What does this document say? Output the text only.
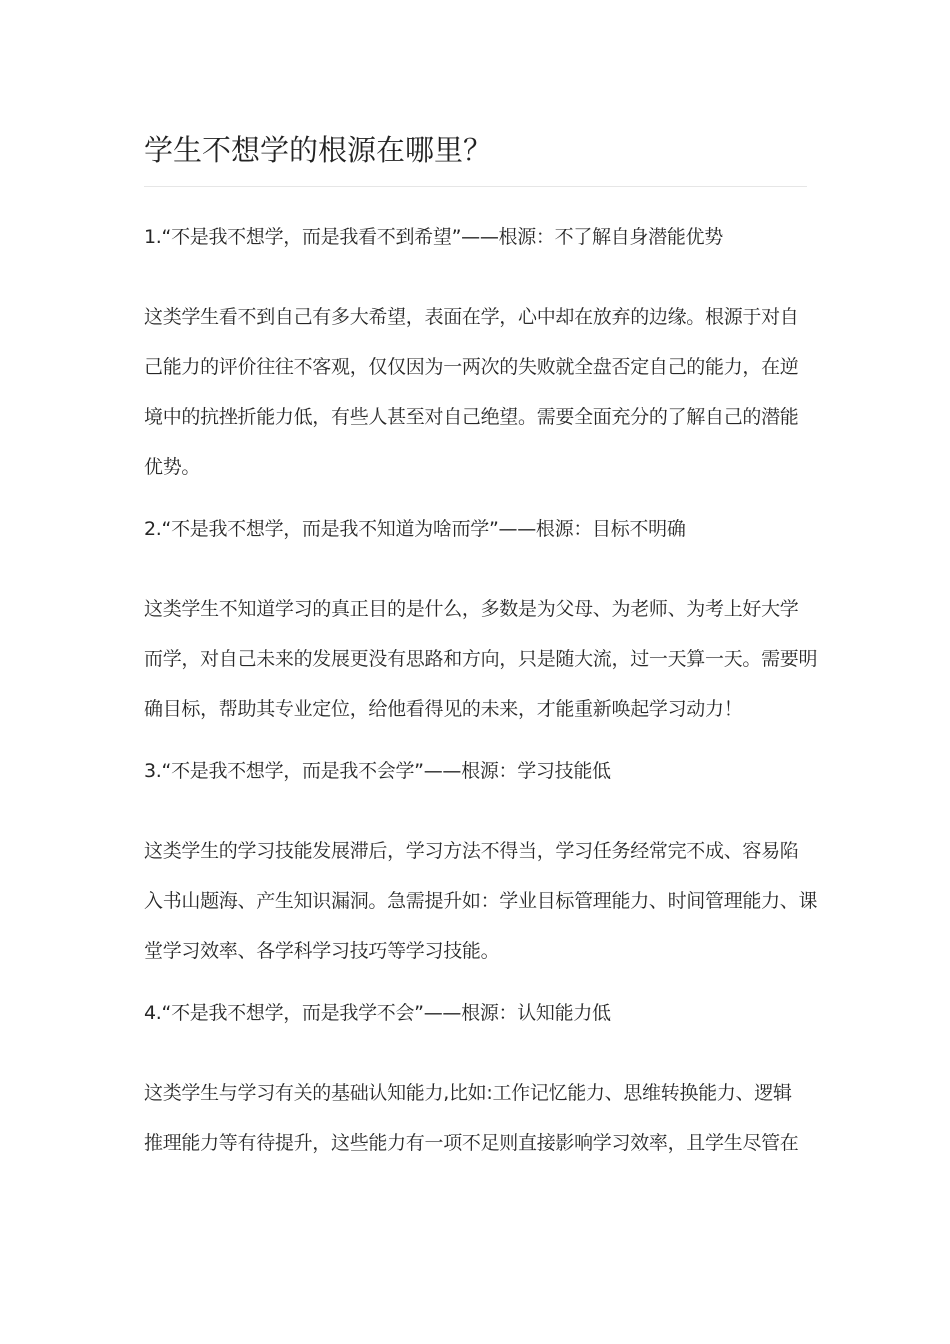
学生不想学的根源在哪里？

1.“不是我不想学，而是我看不到希望”——根源：不了解自身潜能优势

这类学生看不到自己有多大希望，表面在学，心中却在放弃的边缘。根源于对自
己能力的评价往往不客观，仅仅因为一两次的失败就全盘否定自己的能力，在逆
境中的抗挫折能力低，有些人甚至对自己绝望。需要全面充分的了解自己的潜能
优势。

2.“不是我不想学，而是我不知道为啥而学”——根源：目标不明确

这类学生不知道学习的真正目的是什么，多数是为父母、为老师、为考上好大学
而学，对自己未来的发展更没有思路和方向，只是随大流，过一天算一天。需要明
确目标，帮助其专业定位，给他看得见的未来，才能重新唤起学习动力！

3.“不是我不想学，而是我不会学”——根源：学习技能低

这类学生的学习技能发展滞后，学习方法不得当，学习任务经常完不成、容易陷
入书山题海、产生知识漏洞。急需提升如：学业目标管理能力、时间管理能力、课
堂学习效率、各学科学习技巧等学习技能。

4.“不是我不想学，而是我学不会”——根源：认知能力低

这类学生与学习有关的基础认知能力,比如:工作记忆能力、思维转换能力、逻辑
推理能力等有待提升，这些能力有一项不足则直接影响学习效率，且学生尽管在
